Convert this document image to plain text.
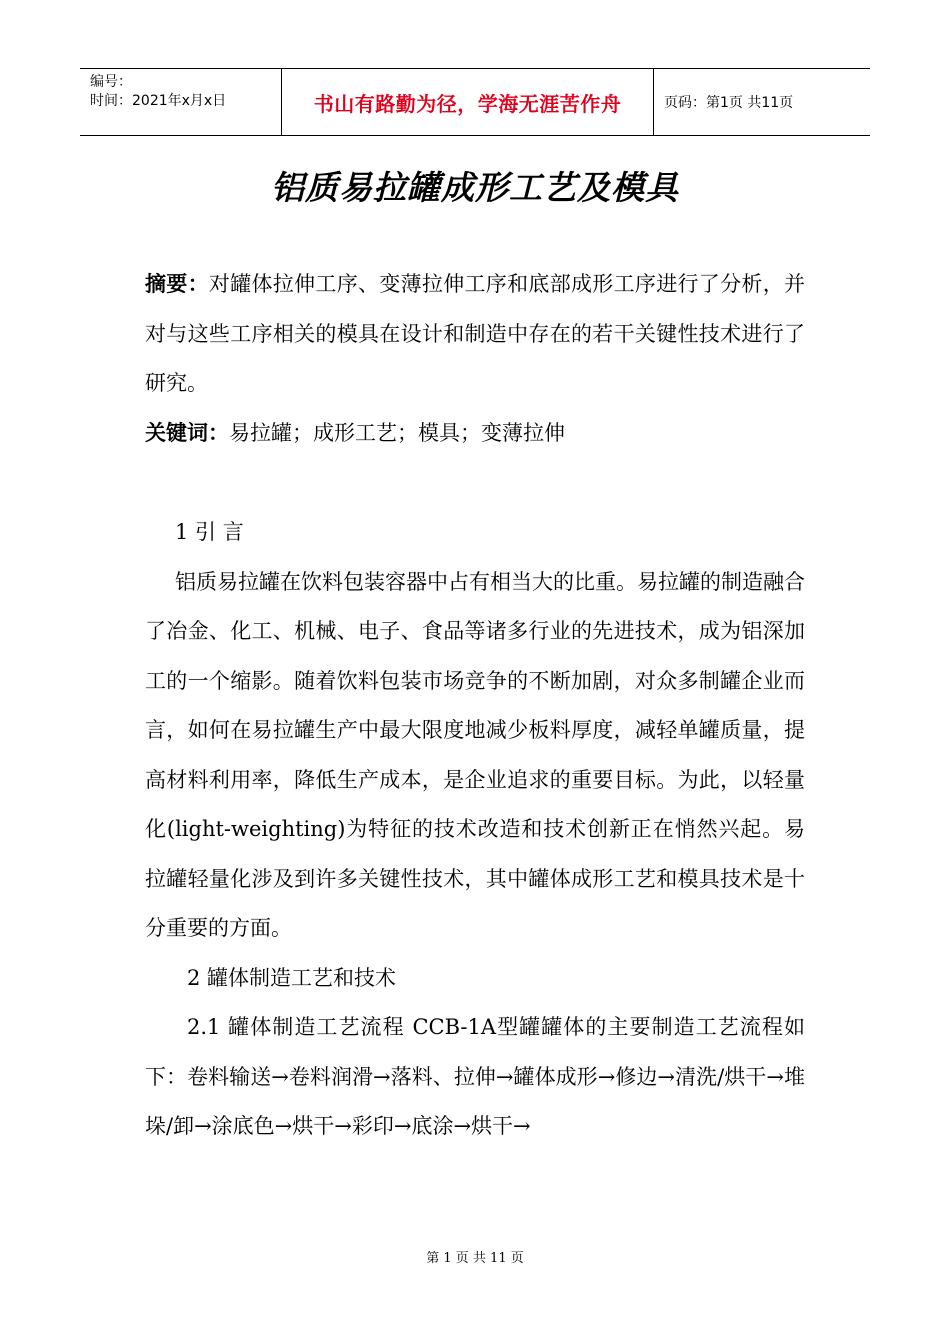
编号：
时间：2021年x月x日	书山有路勤为径，学海无涯苦作舟	页码：第1页 共11页
铝质易拉罐成形工艺及模具

摘要：对罐体拉伸工序、变薄拉伸工序和底部成形工序进行了分析，并对与这些工序相关的模具在设计和制造中存在的若干关键性技术进行了研究。

关键词：易拉罐；成形工艺；模具；变薄拉伸

1 引 言

铝质易拉罐在饮料包装容器中占有相当大的比重。易拉罐的制造融合了冶金、化工、机械、电子、食品等诸多行业的先进技术，成为铝深加工的一个缩影。随着饮料包装市场竞争的不断加剧，对众多制罐企业而言，如何在易拉罐生产中最大限度地减少板料厚度，减轻单罐质量，提高材料利用率，降低生产成本，是企业追求的重要目标。为此，以轻量化(light-weighting)为特征的技术改造和技术创新正在悄然兴起。易拉罐轻量化涉及到许多关键性技术，其中罐体成形工艺和模具技术是十分重要的方面。

2 罐体制造工艺和技术

2.1 罐体制造工艺流程 CCB-1A型罐罐体的主要制造工艺流程如下：卷料输送→卷料润滑→落料、拉伸→罐体成形→修边→清洗/烘干→堆垛/卸→涂底色→烘干→彩印→底涂→烘干→

第 1 页 共 11 页
